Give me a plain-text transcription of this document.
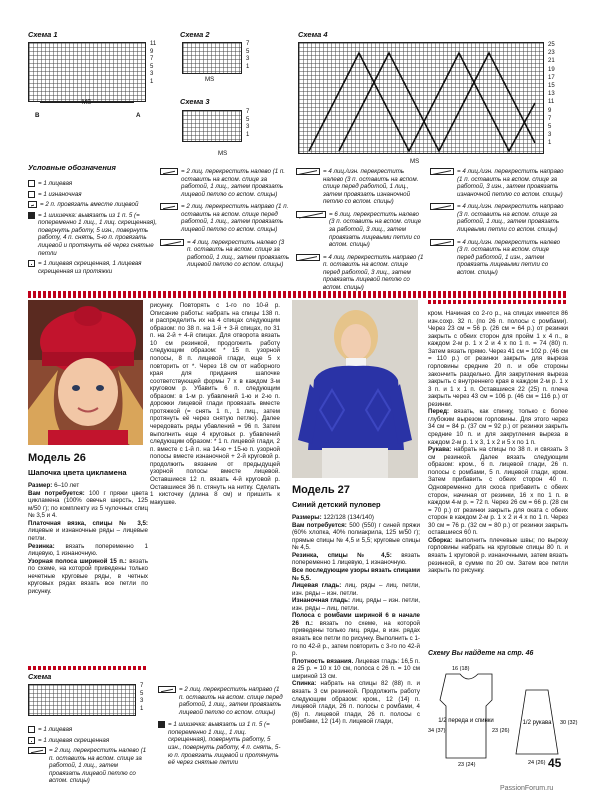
Схема 1
11
9
7
5
3
1
MS
B	A
Схема 2
7
5
3
1
MS
Схема 3
7
5
3
1
MS
Схема 4
25
23
21
19
17
15
13
11
9
7
5
3
1
MS
Условные обозначения
= 1 лицевая
= 1 изнаночная
= 2 п. провязать вместе лицевой
= 1 шишечка: вывязать из 1 п. 5 (= попеременно 1 лиц., 1 лиц. скрещенная), повернуть работу, 5 изн., повернуть работу, 4 п. снять, 5-ю п. провязать лицевой и протянуть её через снятые петли
= 1 лицевая скрещенная, 1 лицевая скрещенная из протяжки
= 2 лиц. перекрестить налево (1 п. оставить на вспом. спице за работой, 1 лиц., затем провязать лицевой петлю со вспом. спицы)
= 2 лиц. перекрестить направо (1 п. оставить на вспом. спице перед работой, 1 лиц., затем провязать лицевой петлю со вспом. спицы)
= 4 лиц. перекрестить налево (3 п. оставить на вспом. спице за работой, 1 лиц., затем провязать лицевой петлю со вспом. спицы)
= 4 лиц./изн. перекрестить налево (3 п. оставить на вспом. спице перед работой, 1 лиц., затем провязать изнаночной петлю со вспом. спицы)
= 6 лиц. перекрестить налево (3 п. оставить на вспом. спице за работой, 3 лиц., затем провязать лицевыми петли со вспом. спицы)
= 4 лиц. перекрестить направо (1 п. оставить на вспом. спице перед работой, 3 лиц., затем провязать лицевой петлю со вспом. спицы)
= 4 лиц./изн. перекрестить направо (1 п. оставить на вспом. спице за работой, 3 изн., затем провязать изнаночной петлю со вспом. спицы)
= 4 лиц./изн. перекрестить направо (3 п. оставить на вспом. спице за работой, 1 лиц., затем провязать лицевыми петли со вспом. спицы)
= 4 лиц./изн. перекрестить налево (3 п. оставить на вспом. спице перед работой, 1 изн., затем провязать лицевыми петли со вспом. спицы)
Модель 26
Шапочка цвета цикламена
Размер: 6–10 лет
Вам потребуется: 100 г пряжи цвета цикламена (100% овечья шерсть, 125 м/50 г); по комплекту из 5 чулочных спиц № 3,5 и 4.
Платочная вязка, спицы № 3,5: лицевые и изнаночные ряды – лицевые петли.
Резинка: вязать попеременно 1 лицевую, 1 изнаночную.
Узорная полоса шириной 15 п.: вязать по схеме, на которой приведены только нечетные круговые ряды, в четных круговых рядах вязать все петли по рисунку.
рисунку. Повторять с 1-го по 10-й р. Описание работы: набрать на спицы 138 п. и распределить их на 4 спицах следующим образом: по 38 п. на 1-й + 3-й спицах, по 31 п. на 2-й + 4-й спицах. Для отворота вязать 10 см резинкой, продолжить работу следующим образом: * 15 п. узорной полосы, 8 п. лицевой глади, еще 5 х повторить от *. Через 18 см от наборного края для придания шапочке соответствующей формы 7 х в каждом 3-м круговом р. Убавить 6 п. следующим образом: в 1-м р. убавлений 1-ю и 2-ю п. дорожки лицевой глади провязать вместе протяжкой (= снять 1 п., 1 лиц., затем протянуть её через снятую петлю). Далее чередовать ряды убавлений = 96 п. Затем выполнить еще 4 круговых р. убавлений следующим образом: * 1 п. лицевой глади, 2 п. вместе с 1-й п. на 14-ю + 15-ю п. узорной полосы вместе изнаночной + 2-й круговой р. продолжить вязание от предыдущей узорной полосы вместе лицевой. Оставшиеся 12 п. вязать 4-й круговой р. Оставшиеся 36 п. стянуть на нитку. Сделать 1 кисточку (длина 8 см) и пришить к макушке.
Схема
7
5
3
1
= 1 лицевая
= 1 лицевая скрещенная
= 2 лиц. перекрестить налево (1 п. оставить на вспом. спице за работой, 1 лиц., затем провязать лицевой петлю со вспом. спицы)
= 2 лиц. перекрестить направо (1 п. оставить на вспом. спице перед работой, 1 лиц., затем провязать лицевой петлю со вспом. спицы)
= 1 шишечка: вывязать из 1 п. 5 (= попеременно 1 лиц., 1 лиц. скрещенная), повернуть работу, 5 изн., повернуть работу, 4 п. снять, 5-ю п. провязать лицевой и протянуть её через снятые петли
Модель 27
Синий детский пуловер
Размеры: 122/128 (134/140)
Вам потребуется: 500 (550) г синей пряжи (60% хлопка, 40% полиакрила, 125 м/50 г); прямые спицы № 4,5 и 5,5; круговые спицы № 4,5.
Резинка, спицы № 4,5: вязать попеременно 1 лицевую, 1 изнаночную.
Все последующие узоры вязать спицами № 5,5.
Лицевая гладь: лиц. ряды – лиц. петли, изн. ряды – изн. петли.
Изнаночная гладь: лиц. ряды – изн. петли, изн. ряды – лиц. петли.
Полоса с ромбами шириной 6 в начале 26 п.: вязать по схеме, на которой приведены только лиц. ряды, в изн. рядах вязать все петли по рисунку. Выполнить с 1-го по 42-й р., затем повторить с 3-го по 42-й р.
Плотность вязания. Лицевая гладь: 16,5 п. в 25 р. = 10 х 10 см, полоса с 26 п. = 10 см шириной 13 см.
Спинка: набрать на спицы 82 (88) п. и вязать 3 см резинкой. Продолжить работу следующим образом: кром., 12 (14) п. лицевой глади, 26 п. полосы с ромбами, 4 (6) п. лицевой глади, 26 п. полосы с ромбами, 12 (14) п. лицевой глади,
кром. Начиная со 2-го р., на спицах имеется 86 изн.сохр. 32 п. (по 26 п. полосы с ромбами). Через 23 см = 56 р. (26 см = 64 р.) от резинки закрыть с обеих сторон для пройм 1 х 4 п., в каждом 2-м р. 1 х 2 и 4 х по 1 п. = 74 (80) п. Затем вязать прямо. Через 41 см = 102 р. (46 см = 110 р.) от резинки закрыть для выреза горловины средние 20 п. и обе стороны закончить раздельно. Для закругления выреза закрыть с внутреннего края в каждом 2-м р. 1 х 3 п. и 1 х 1 п. Оставшиеся 22 (25) п. плеча закрыть через 43 см = 106 р. (46 см = 116 р.) от резинки.
Перед: вязать, как спинку, только с более глубоким вырезом горловины. Для этого через 34 см = 84 р. (37 см = 92 р.) от резинки закрыть средние 10 п. и для закругления выреза в каждом 2-м р. 1 х 3, 1 х 2 и 5 х по 1 п.
Рукава: набрать на спицы по 38 п. и связать 3 см резинкой. Далее вязать следующим образом: кром., 6 п. лицевой глади, 26 п. полосы с ромбами, 5 п. лицевой глади, кром. Затем прибавить с обеих сторон 40 п. Одновременно для скоса прибавить с обеих сторон, начиная от резинки, 16 х по 1 п. в каждом 4-м р. = 72 п. Через 26 см = 66 р. (28 см = 70 р.) от резинки закрыть для оката с обеих сторон в каждом 2-м р. 1 х 2 и 4 х по 1 п. Через 30 см = 76 р. (32 см = 80 р.) от резинки закрыть оставшиеся 60 п.
Сборка: выполнить плечевые швы; по вырезу горловины набрать на круговые спицы 80 п. и вязать 1 круговой р. изнаночными, затем вязать резинкой, в сумме по 20 см. Затем все петли закрыть по рисунку.
Схему Вы найдете на стр. 46
1/2 переда и спинки	1/2 рукава
34 (37)	23 (26)
23 (24)	24 (26)
30 (32)
16 (18)
45
PassionForum.ru
